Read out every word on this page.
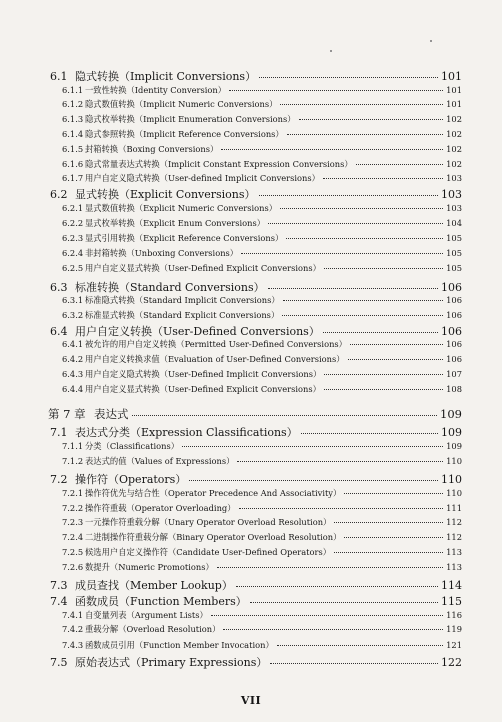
6.1 隐式转换（Implicit Conversions）	101
6.1.1 一致性转换（Identity Conversion）	101
6.1.2 隐式数值转换（Implicit Numeric Conversions）	101
6.1.3 隐式枚举转换（Implicit Enumeration Conversions）	102
6.1.4 隐式参照转换（Implicit Reference Conversions）	102
6.1.5 封箱转换（Boxing Conversions）	102
6.1.6 隐式常量表达式转换（Implicit Constant Expression Conversions）	102
6.1.7 用户自定义隐式转换（User-defined Implicit Conversions）	103
6.2 显式转换（Explicit Conversions）	103
6.2.1 显式数值转换（Explicit Numeric Conversions）	103
6.2.2 显式枚举转换（Explicit Enum Conversions）	104
6.2.3 显式引用转换（Explicit Reference Conversions）	105
6.2.4 非封箱转换（Unboxing Conversions）	105
6.2.5 用户自定义显式转换（User-Defined Explicit Conversions）	105
6.3 标准转换（Standard Conversions）	106
6.3.1 标准隐式转换（Standard Implicit Conversions）	106
6.3.2 标准显式转换（Standard Explicit Conversions）	106
6.4 用户自定义转换（User-Defined Conversions）	106
6.4.1 被允许的用户自定义转换（Permitted User-Defined Conversions）	106
6.4.2 用户自定义转换求值（Evaluation of User-Defined Conversions）	106
6.4.3 用户自定义隐式转换（User-Defined Implicit Conversions）	107
6.4.4 用户自定义显式转换（User-Defined Explicit Conversions）	108
第 7 章 表达式	109
7.1 表达式分类（Expression Classifications）	109
7.1.1 分类（Classifications）	109
7.1.2 表达式的值（Values of Expressions）	110
7.2 操作符（Operators）	110
7.2.1 操作符优先与结合性（Operator Precedence And Associativity）	110
7.2.2 操作符重载（Operator Overloading）	111
7.2.3 一元操作符重载分解（Unary Operator Overload Resolution）	112
7.2.4 二进制操作符重载分解（Binary Operator Overload Resolution）	112
7.2.5 候选用户自定义操作符（Candidate User-Defined Operators）	113
7.2.6 数提升（Numeric Promotions）	113
7.3 成员查找（Member Lookup）	114
7.4 函数成员（Function Members）	115
7.4.1 自变量列表（Argument Lists）	116
7.4.2 重载分解（Overload Resolution）	119
7.4.3 函数成员引用（Function Member Invocation）	121
7.5 原始表达式（Primary Expressions）	122
VII
